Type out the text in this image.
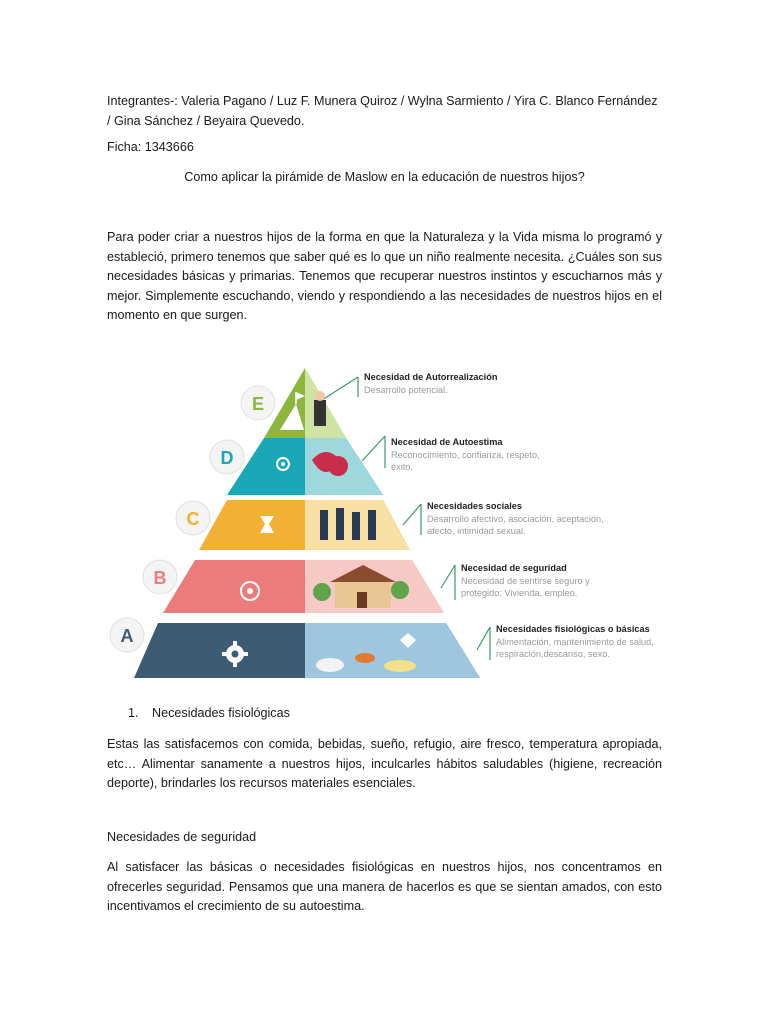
Integrantes-: Valeria Pagano / Luz F. Munera Quiroz / Wylna Sarmiento / Yira C. Blanco Fernández / Gina Sánchez / Beyaira Quevedo.
Ficha: 1343666
Como aplicar la pirámide de Maslow en la educación de nuestros hijos?
Para poder criar a nuestros hijos de la forma en que la Naturaleza y la Vida misma lo programó y estableció, primero tenemos que saber qué es lo que un niño realmente necesita. ¿Cuáles son sus necesidades básicas y primarias. Tenemos que recuperar nuestros instintos y escucharnos más y mejor. Simplemente escuchando, viendo y respondiendo a las necesidades de nuestros hijos en el momento en que surgen.
E
D
C
B
A
Necesidad de Autorrealización
Desarrollo potencial.
Necesidad de Autoestima
Reconocimiento, confianza, respeto, éxito.
Necesidades sociales
Desarrollo afectivo, asociación, aceptación, afecto, intimidad sexual.
Necesidad de seguridad
Necesidad de sentirse seguro y protegido: Vivienda, empleo.
Necesidades fisiológicas o básicas
Alimentación, mantenimiento de salud, respiración,descanso, sexo.
1.	Necesidades fisiológicas
Estas las satisfacemos con comida, bebidas, sueño, refugio, aire fresco, temperatura apropiada, etc… Alimentar sanamente a nuestros hijos, inculcarles hábitos saludables (higiene, recreación deporte), brindarles los recursos materiales esenciales.
Necesidades de seguridad
Al satisfacer las básicas o necesidades fisiológicas en nuestros hijos, nos concentramos en ofrecerles seguridad. Pensamos que una manera de hacerlos es que se sientan amados, con esto incentivamos el crecimiento de su autoestima.
